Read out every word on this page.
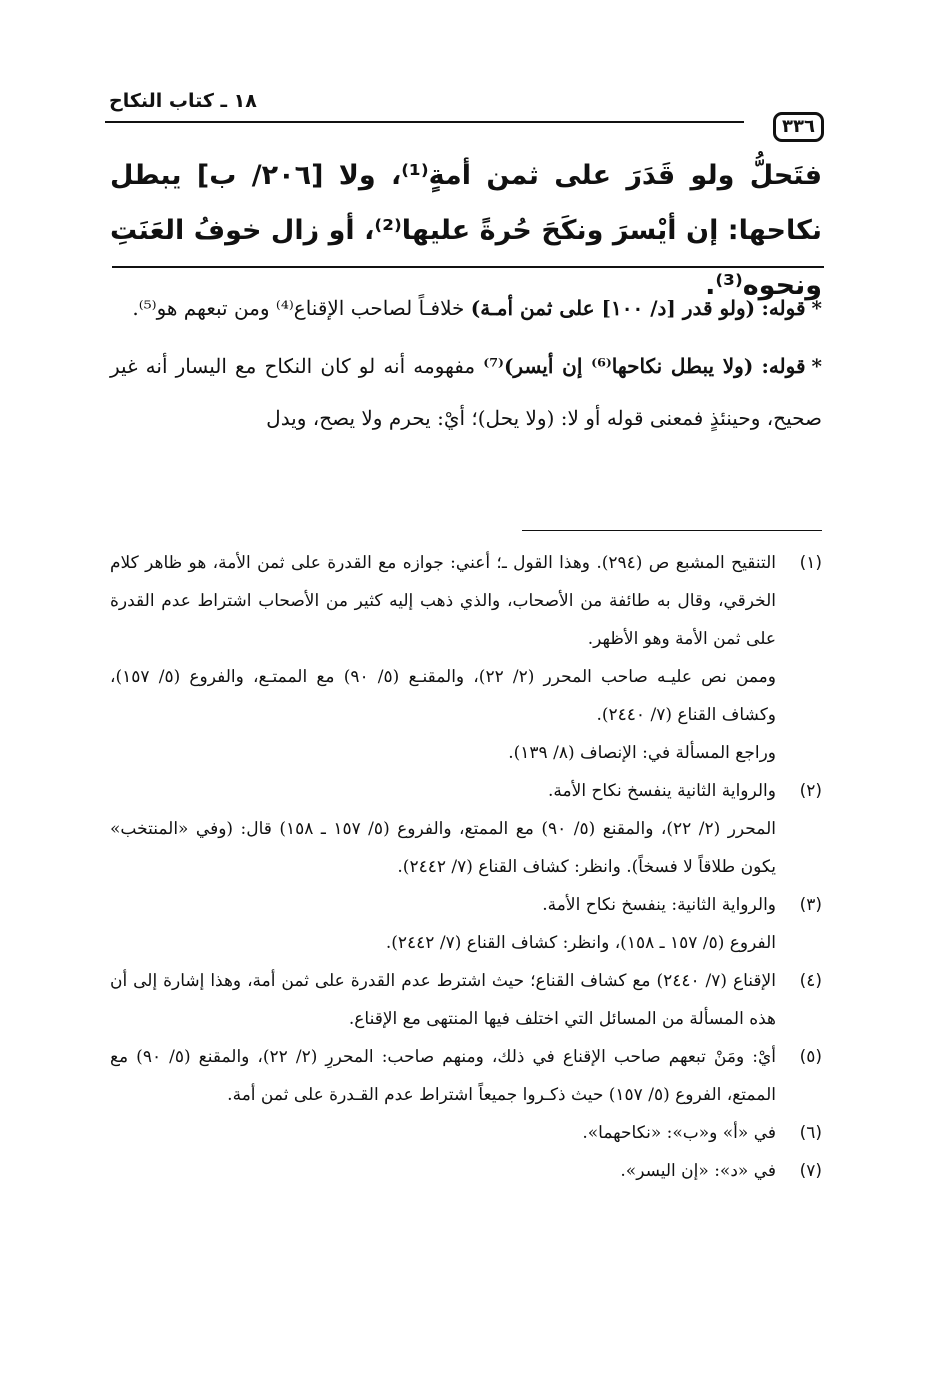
٣٣٦
١٨ ـ كتاب النكاح
فتَحلُّ ولو قَدَرَ على ثمن أمةٍ⁽¹⁾، ولا [٢٠٦/ ب] يبطل نكاحها: إن أيْسرَ ونكَحَ حُرةً عليها⁽²⁾، أو زال خوفُ العَنَتِ ونحوه⁽³⁾.

*قوله: (ولو قدر [د/ ١٠٠] على ثمن أمـة) خلافـاً لصاحب الإقناع⁽⁴⁾ ومن تبعهم هو⁽⁵⁾.

*قوله: (ولا يبطل نكاحها⁽⁶⁾ إن أيسر)⁽⁷⁾ مفهومه أنه لو كان النكاح مع اليسار أنه غير صحيح، وحينئذٍ فمعنى قوله أو لا: (ولا يحل)؛ أيْ: يحرم ولا يصح، ويدل

(١)
التنقيح المشبع ص (٢٩٤). وهذا القول ـ؛ أعني: جوازه مع القدرة على ثمن الأمة، هو ظاهر كلام الخرقي، وقال به طائفة من الأصحاب، والذي ذهب إليه كثير من الأصحاب اشتراط عدم القدرة على ثمن الأمة وهو الأظهر.
وممن نص عليـه صاحب المحرر (٢/ ٢٢)، والمقنـع (٥/ ٩٠) مع الممتـع، والفروع (٥/ ١٥٧)، وكشاف القناع (٧/ ٢٤٤٠).
وراجع المسألة في: الإنصاف (٨/ ١٣٩).
(٢)
والرواية الثانية ينفسخ نكاح الأمة.
المحرر (٢/ ٢٢)، والمقنع (٥/ ٩٠) مع الممتع، والفروع (٥/ ١٥٧ ـ ١٥٨) قال: (وفي «المنتخب» يكون طلاقاً لا فسخاً). وانظر: كشاف القناع (٧/ ٢٤٤٢).
(٣)
والرواية الثانية: ينفسخ نكاح الأمة.
الفروع (٥/ ١٥٧ ـ ١٥٨)، وانظر: كشاف القناع (٧/ ٢٤٤٢).
(٤)
الإقناع (٧/ ٢٤٤٠) مع كشاف القناع؛ حيث اشترط عدم القدرة على ثمن أمة، وهذا إشارة إلى أن هذه المسألة من المسائل التي اختلف فيها المنتهى مع الإقناع.
(٥)
أيْ: ومَنْ تبعهم صاحب الإقناع في ذلك، ومنهم صاحب: المحررِ (٢/ ٢٢)، والمقنع (٥/ ٩٠) مع الممتع، الفروع (٥/ ١٥٧) حيث ذكـروا جميعاً اشتراط عدم القـدرة على ثمن أمة.
(٦)
في «أ» و«ب»: «نكاحهما».
(٧)
في «د»: «إن اليسر».
